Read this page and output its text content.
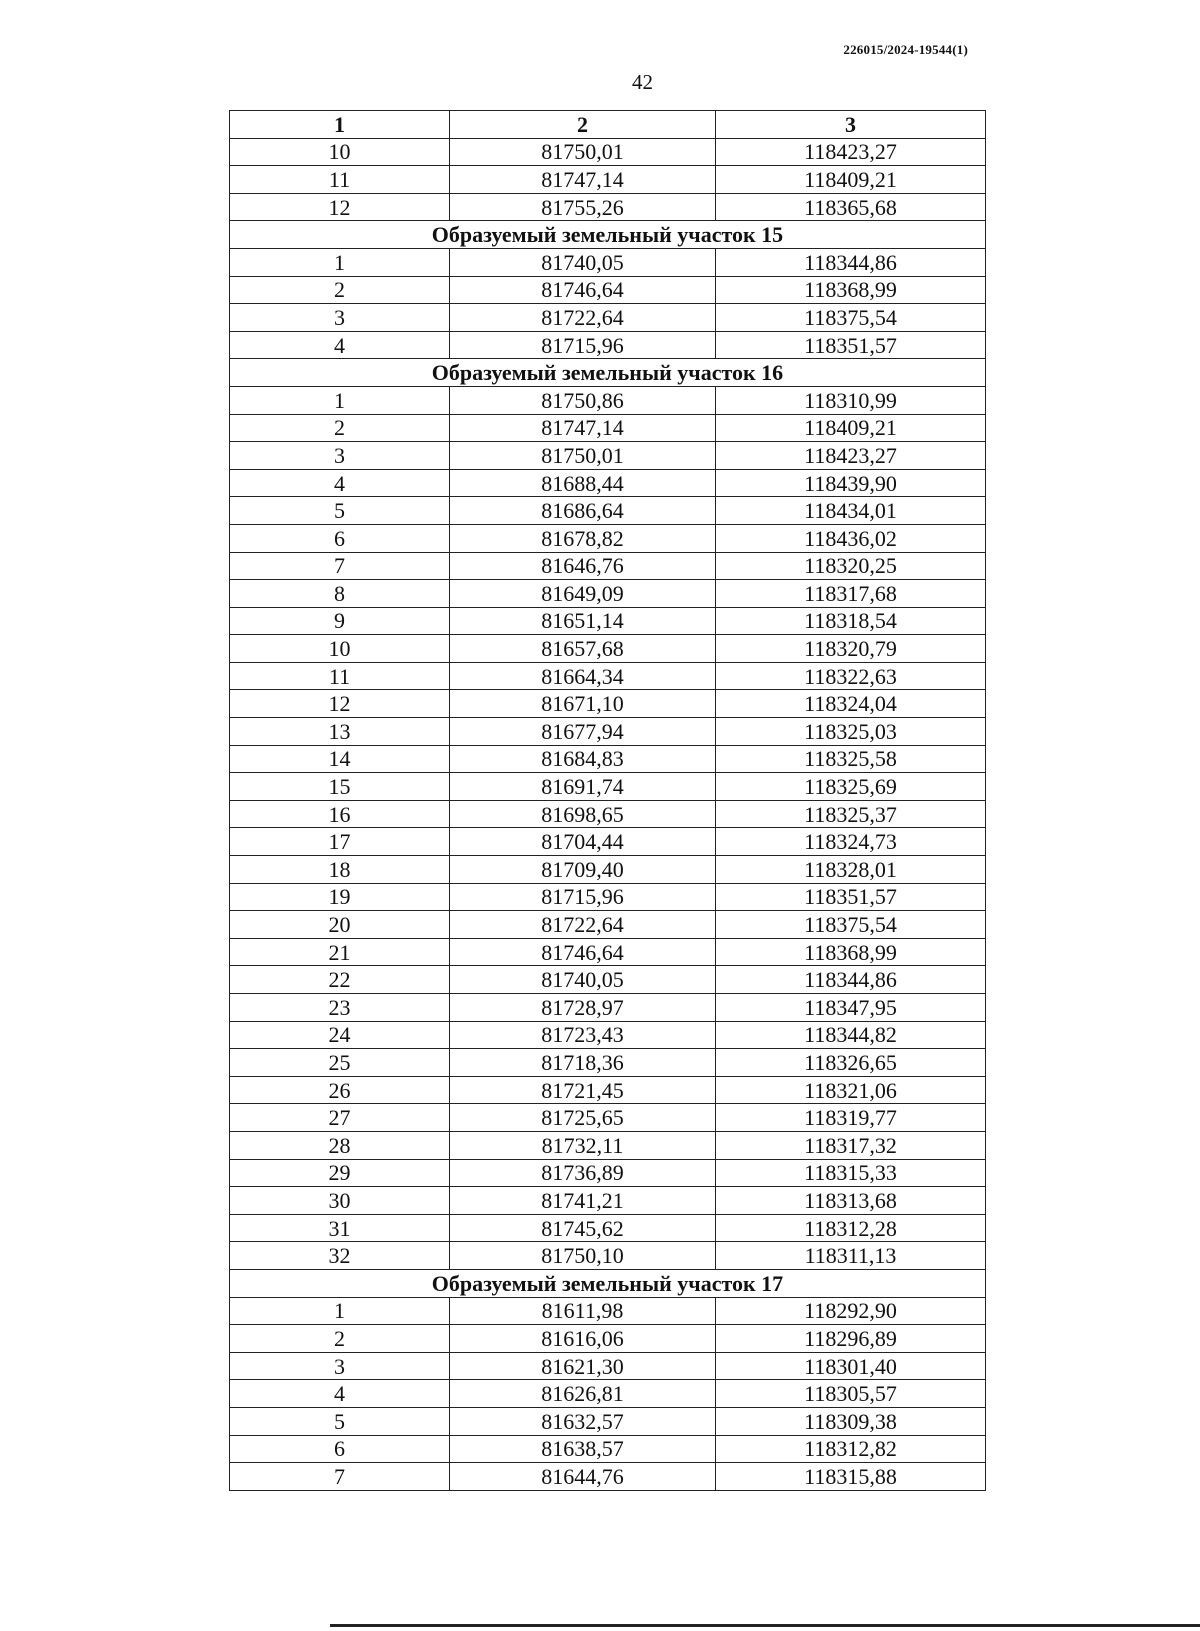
226015/2024-19544(1)
42
1	2	3
10	81750,01	118423,27
11	81747,14	118409,21
12	81755,26	118365,68
Образуемый земельный участок 15		
1	81740,05	118344,86
2	81746,64	118368,99
3	81722,64	118375,54
4	81715,96	118351,57
Образуемый земельный участок 16		
1	81750,86	118310,99
2	81747,14	118409,21
3	81750,01	118423,27
4	81688,44	118439,90
5	81686,64	118434,01
6	81678,82	118436,02
7	81646,76	118320,25
8	81649,09	118317,68
9	81651,14	118318,54
10	81657,68	118320,79
11	81664,34	118322,63
12	81671,10	118324,04
13	81677,94	118325,03
14	81684,83	118325,58
15	81691,74	118325,69
16	81698,65	118325,37
17	81704,44	118324,73
18	81709,40	118328,01
19	81715,96	118351,57
20	81722,64	118375,54
21	81746,64	118368,99
22	81740,05	118344,86
23	81728,97	118347,95
24	81723,43	118344,82
25	81718,36	118326,65
26	81721,45	118321,06
27	81725,65	118319,77
28	81732,11	118317,32
29	81736,89	118315,33
30	81741,21	118313,68
31	81745,62	118312,28
32	81750,10	118311,13
Образуемый земельный участок 17		
1	81611,98	118292,90
2	81616,06	118296,89
3	81621,30	118301,40
4	81626,81	118305,57
5	81632,57	118309,38
6	81638,57	118312,82
7	81644,76	118315,88
